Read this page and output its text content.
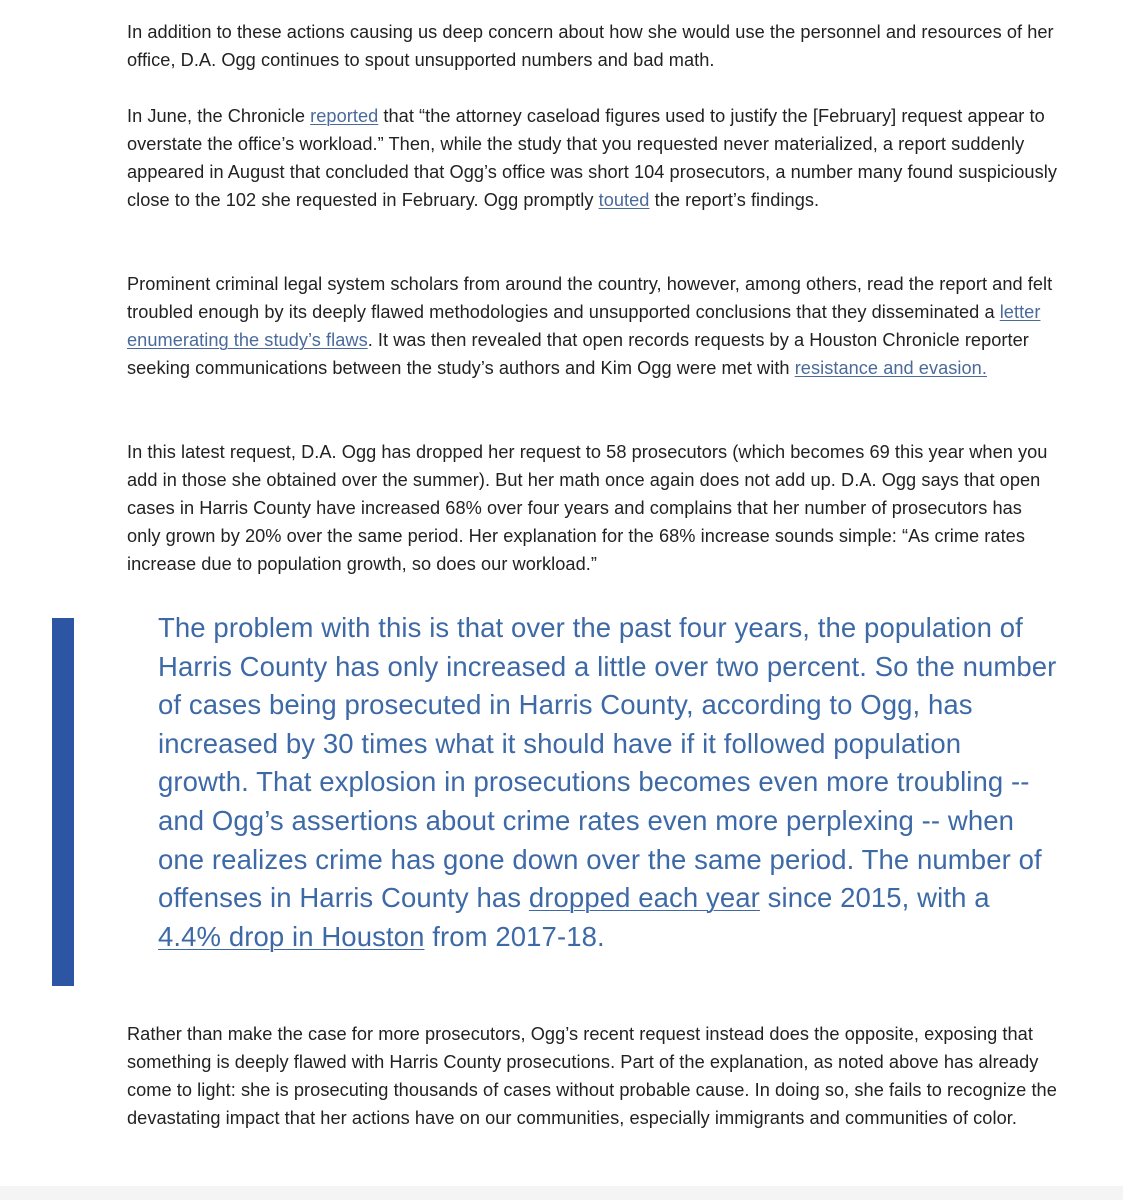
In addition to these actions causing us deep concern about how she would use the personnel and resources of her office, D.A. Ogg continues to spout unsupported numbers and bad math.

In June, the Chronicle reported that “the attorney caseload figures used to justify the [February] request appear to overstate the office’s workload.” Then, while the study that you requested never materialized, a report suddenly appeared in August that concluded that Ogg’s office was short 104 prosecutors, a number many found suspiciously close to the 102 she requested in February. Ogg promptly touted the report’s findings.

Prominent criminal legal system scholars from around the country, however, among others, read the report and felt troubled enough by its deeply flawed methodologies and unsupported conclusions that they disseminated a letter enumerating the study’s flaws. It was then revealed that open records requests by a Houston Chronicle reporter seeking communications between the study’s authors and Kim Ogg were met with resistance and evasion.

In this latest request, D.A. Ogg has dropped her request to 58 prosecutors (which becomes 69 this year when you add in those she obtained over the summer). But her math once again does not add up. D.A. Ogg says that open cases in Harris County have increased 68% over four years and complains that her number of prosecutors has only grown by 20% over the same period. Her explanation for the 68% increase sounds simple: “As crime rates increase due to population growth, so does our workload.”

The problem with this is that over the past four years, the population of Harris County has only increased a little over two percent. So the number of cases being prosecuted in Harris County, according to Ogg, has increased by 30 times what it should have if it followed population growth. That explosion in prosecutions becomes even more troubling -- and Ogg’s assertions about crime rates even more perplexing -- when one realizes crime has gone down over the same period. The number of offenses in Harris County has dropped each year since 2015, with a 4.4% drop in Houston from 2017-18.

Rather than make the case for more prosecutors, Ogg’s recent request instead does the opposite, exposing that something is deeply flawed with Harris County prosecutions. Part of the explanation, as noted above has already come to light: she is prosecuting thousands of cases without probable cause. In doing so, she fails to recognize the devastating impact that her actions have on our communities, especially immigrants and communities of color.
